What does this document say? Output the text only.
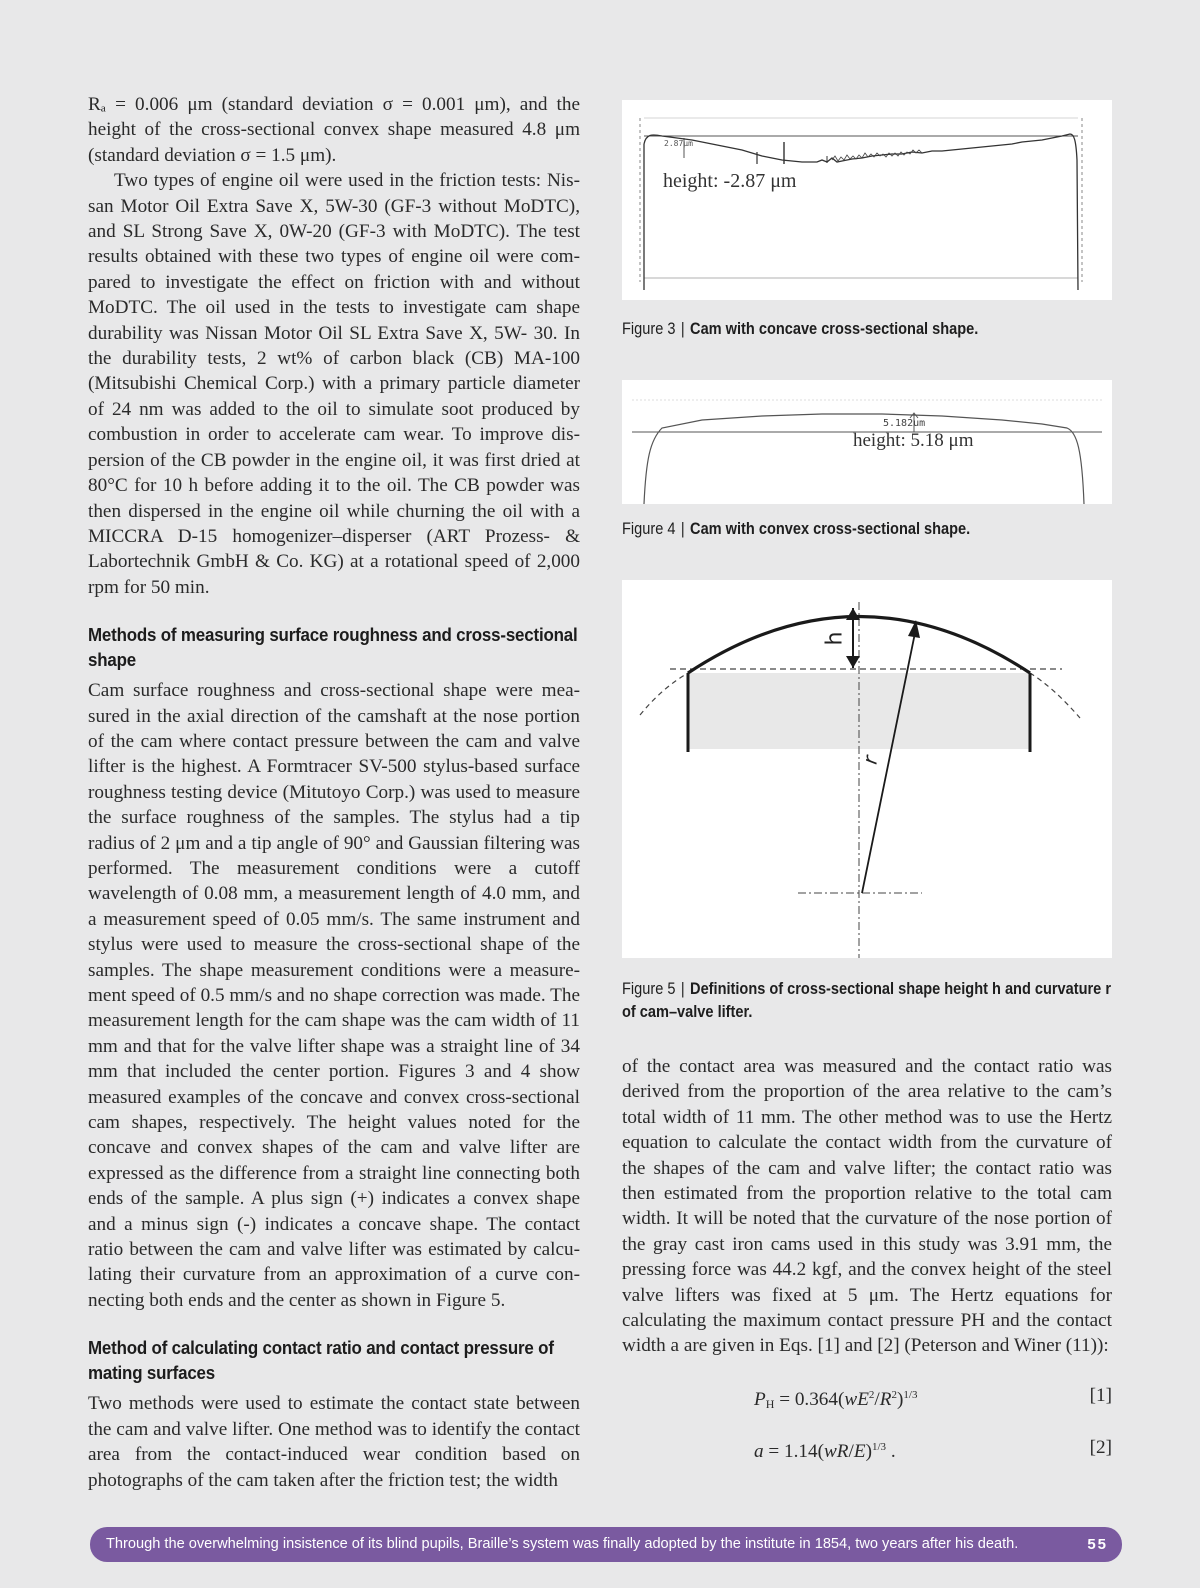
Rₐ = 0.006 μm (standard deviation σ = 0.001 μm), and the height of the cross-sectional convex shape measured 4.8 μm (standard deviation σ = 1.5 μm).

Two types of engine oil were used in the friction tests: Nissan Motor Oil Extra Save X, 5W-30 (GF-3 without MoDTC), and SL Strong Save X, 0W-20 (GF-3 with MoDTC). The test results obtained with these two types of engine oil were compared to investigate the effect on friction with and without MoDTC. The oil used in the tests to investigate cam shape durability was Nissan Motor Oil SL Extra Save X, 5W- 30. In the durability tests, 2 wt% of carbon black (CB) MA-100 (Mitsubishi Chemical Corp.) with a primary particle diameter of 24 nm was added to the oil to simulate soot produced by combustion in order to accelerate cam wear. To improve dispersion of the CB powder in the engine oil, it was first dried at 80°C for 10 h before adding it to the oil. The CB powder was then dispersed in the engine oil while churning the oil with a MICCRA D-15 homogenizer–disperser (ART Prozess- & Labortechnik GmbH & Co. KG) at a rotational speed of 2,000 rpm for 50 min.

Methods of measuring surface roughness and cross-sectional shape

Cam surface roughness and cross-sectional shape were measured in the axial direction of the camshaft at the nose portion of the cam where contact pressure between the cam and valve lifter is the highest. A Formtracer SV-500 stylus-based surface roughness testing device (Mitutoyo Corp.) was used to measure the surface roughness of the samples. The stylus had a tip radius of 2 μm and a tip angle of 90° and Gaussian filtering was performed. The measurement conditions were a cutoff wavelength of 0.08 mm, a measurement length of 4.0 mm, and a measurement speed of 0.05 mm/s. The same instrument and stylus were used to measure the cross-sectional shape of the samples. The shape measurement conditions were a measurement speed of 0.5 mm/s and no shape correction was made. The measurement length for the cam shape was the cam width of 11 mm and that for the valve lifter shape was a straight line of 34 mm that included the center portion. Figures 3 and 4 show measured examples of the concave and convex cross-sectional cam shapes, respectively. The height values noted for the concave and convex shapes of the cam and valve lifter are expressed as the difference from a straight line connecting both ends of the sample. A plus sign (+) indicates a convex shape and a minus sign (-) indicates a concave shape. The contact ratio between the cam and valve lifter was estimated by calculating their curvature from an approximation of a curve connecting both ends and the center as shown in Figure 5.

Method of calculating contact ratio and contact pressure of mating surfaces

Two methods were used to estimate the contact state between the cam and valve lifter. One method was to identify the contact area from the contact-induced wear condition based on photographs of the cam taken after the friction test; the width

2.87μm
height: -2.87 μm
Figure 3 | Cam with concave cross-sectional shape.
5.182um
height: 5.18 μm
Figure 4 | Cam with convex cross-sectional shape.
h
r
Figure 5 | Definitions of cross-sectional shape height h and curvature r of cam–valve lifter.

of the contact area was measured and the contact ratio was derived from the proportion of the area relative to the cam’s total width of 11 mm. The other method was to use the Hertz equation to calculate the contact width from the curvature of the shapes of the cam and valve lifter; the contact ratio was then estimated from the proportion relative to the total cam width. It will be noted that the curvature of the nose portion of the gray cast iron cams used in this study was 3.91 mm, the pressing force was 44.2 kgf, and the convex height of the steel valve lifters was fixed at 5 μm. The Hertz equations for calculating the maximum contact pressure PH and the contact width a are given in Eqs. [1] and [2] (Peterson and Winer (11)):

$P_H = 0.364(wE^2/R^2)^{1/3}$	[1]
$a = 1.14(wR/E)^{1/3}$ .	[2]
Through the overwhelming insistence of its blind pupils, Braille’s system was finally adopted by the institute in 1854, two years after his death.	55
